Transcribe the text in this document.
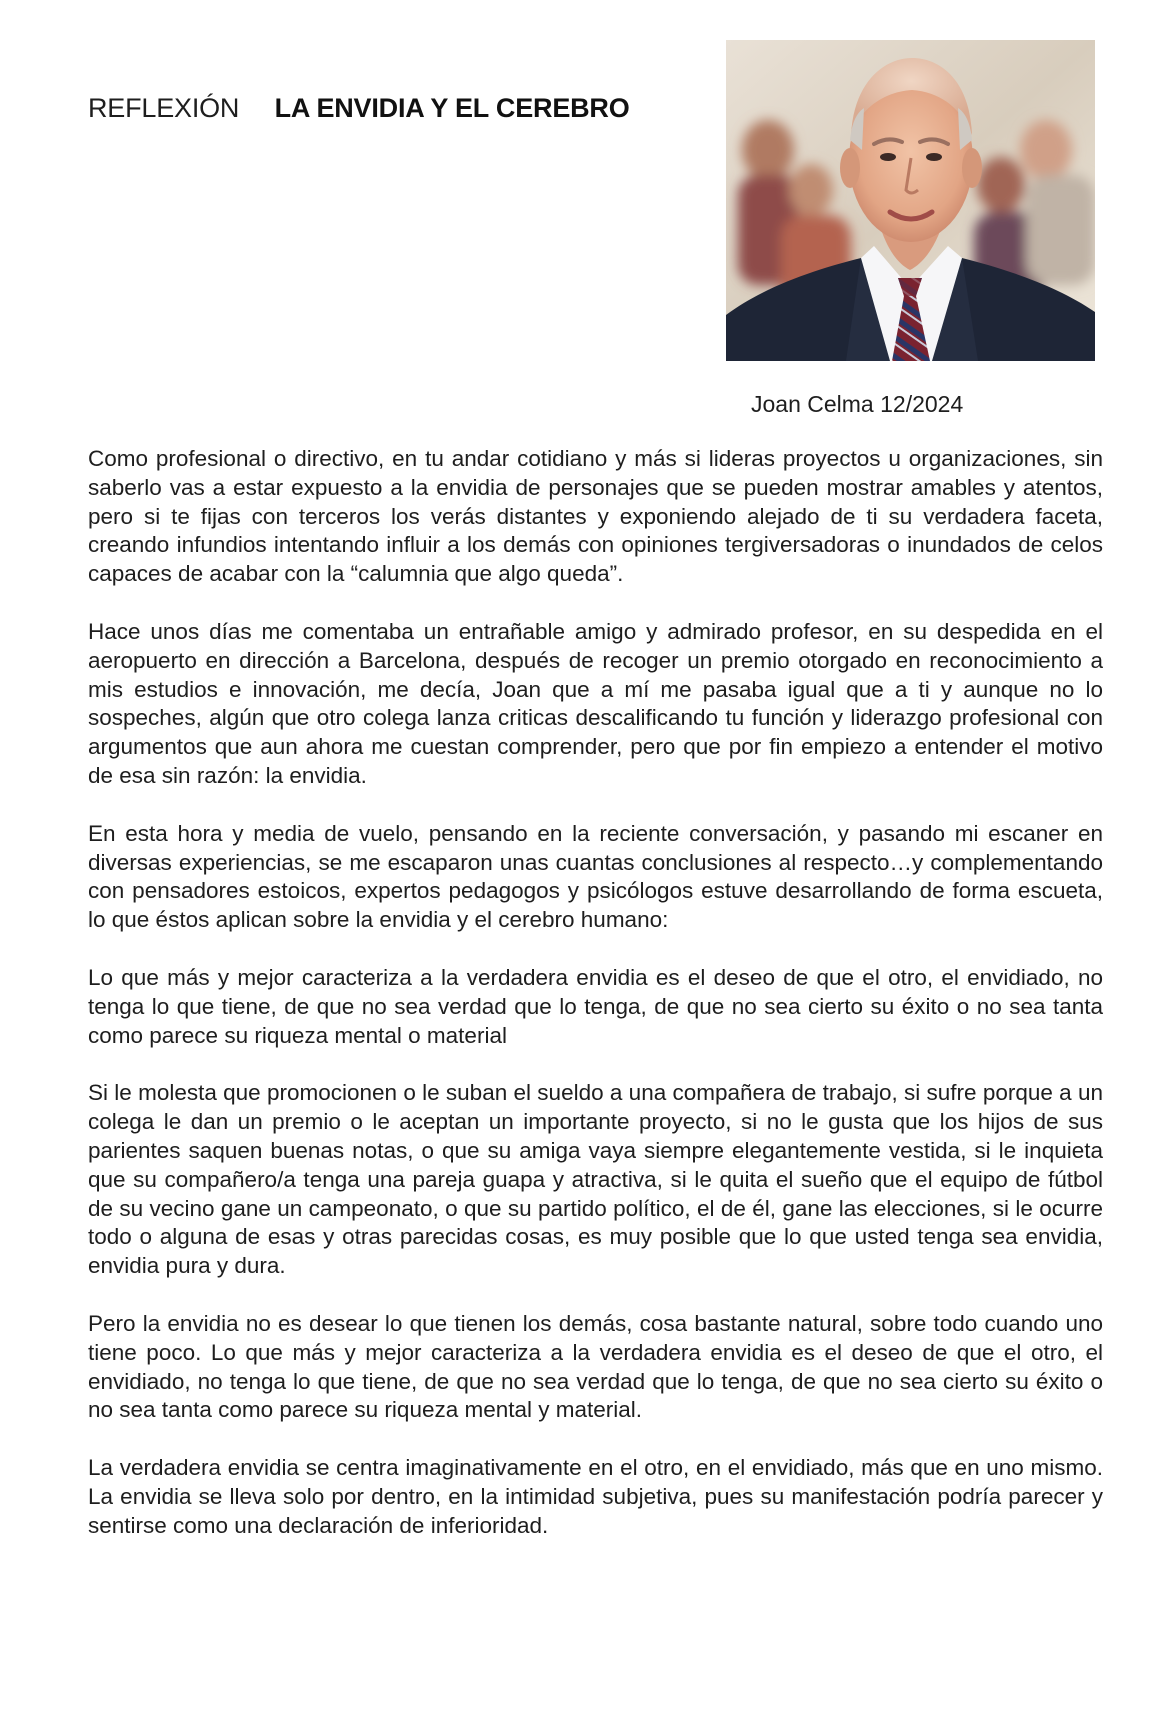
REFLEXIÓN LA ENVIDIA Y EL CEREBRO
Joan Celma 12/2024

Como profesional o directivo, en tu andar cotidiano y más si lideras proyectos u organizaciones, sin saberlo vas a estar expuesto a la envidia de personajes que se pueden mostrar amables y atentos, pero si te fijas con terceros los verás distantes y exponiendo alejado de ti su verdadera faceta, creando infundios intentando influir a los demás con opiniones tergiversadoras o inundados de celos capaces de acabar con la “calumnia que algo queda”.

Hace unos días me comentaba un entrañable amigo y admirado profesor, en su despedida en el aeropuerto en dirección a Barcelona, después de recoger un premio otorgado en reconocimiento a mis estudios e innovación, me decía, Joan que a mí me pasaba igual que a ti y aunque no lo sospeches, algún que otro colega lanza criticas descalificando tu función y liderazgo profesional con argumentos que aun ahora me cuestan comprender, pero que por fin empiezo a entender el motivo de esa sin razón: la envidia.

En esta hora y media de vuelo, pensando en la reciente conversación, y pasando mi escaner en diversas experiencias, se me escaparon unas cuantas conclusiones al respecto…y complementando con pensadores estoicos, expertos pedagogos y psicólogos estuve desarrollando de forma escueta, lo que éstos aplican sobre la envidia y el cerebro humano:

Lo que más y mejor caracteriza a la verdadera envidia es el deseo de que el otro, el envidiado, no tenga lo que tiene, de que no sea verdad que lo tenga, de que no sea cierto su éxito o no sea tanta como parece su riqueza mental o material

Si le molesta que promocionen o le suban el sueldo a una compañera de trabajo, si sufre porque a un colega le dan un premio o le aceptan un importante proyecto, si no le gusta que los hijos de sus parientes saquen buenas notas, o que su amiga vaya siempre elegantemente vestida, si le inquieta que su compañero/a tenga una pareja guapa y atractiva, si le quita el sueño que el equipo de fútbol de su vecino gane un campeonato, o que su partido político, el de él, gane las elecciones, si le ocurre todo o alguna de esas y otras parecidas cosas, es muy posible que lo que usted tenga sea envidia, envidia pura y dura.

Pero la envidia no es desear lo que tienen los demás, cosa bastante natural, sobre todo cuando uno tiene poco. Lo que más y mejor caracteriza a la verdadera envidia es el deseo de que el otro, el envidiado, no tenga lo que tiene, de que no sea verdad que lo tenga, de que no sea cierto su éxito o no sea tanta como parece su riqueza mental y material.

La verdadera envidia se centra imaginativamente en el otro, en el envidiado, más que en uno mismo. La envidia se lleva solo por dentro, en la intimidad subjetiva, pues su manifestación podría parecer y sentirse como una declaración de inferioridad.
